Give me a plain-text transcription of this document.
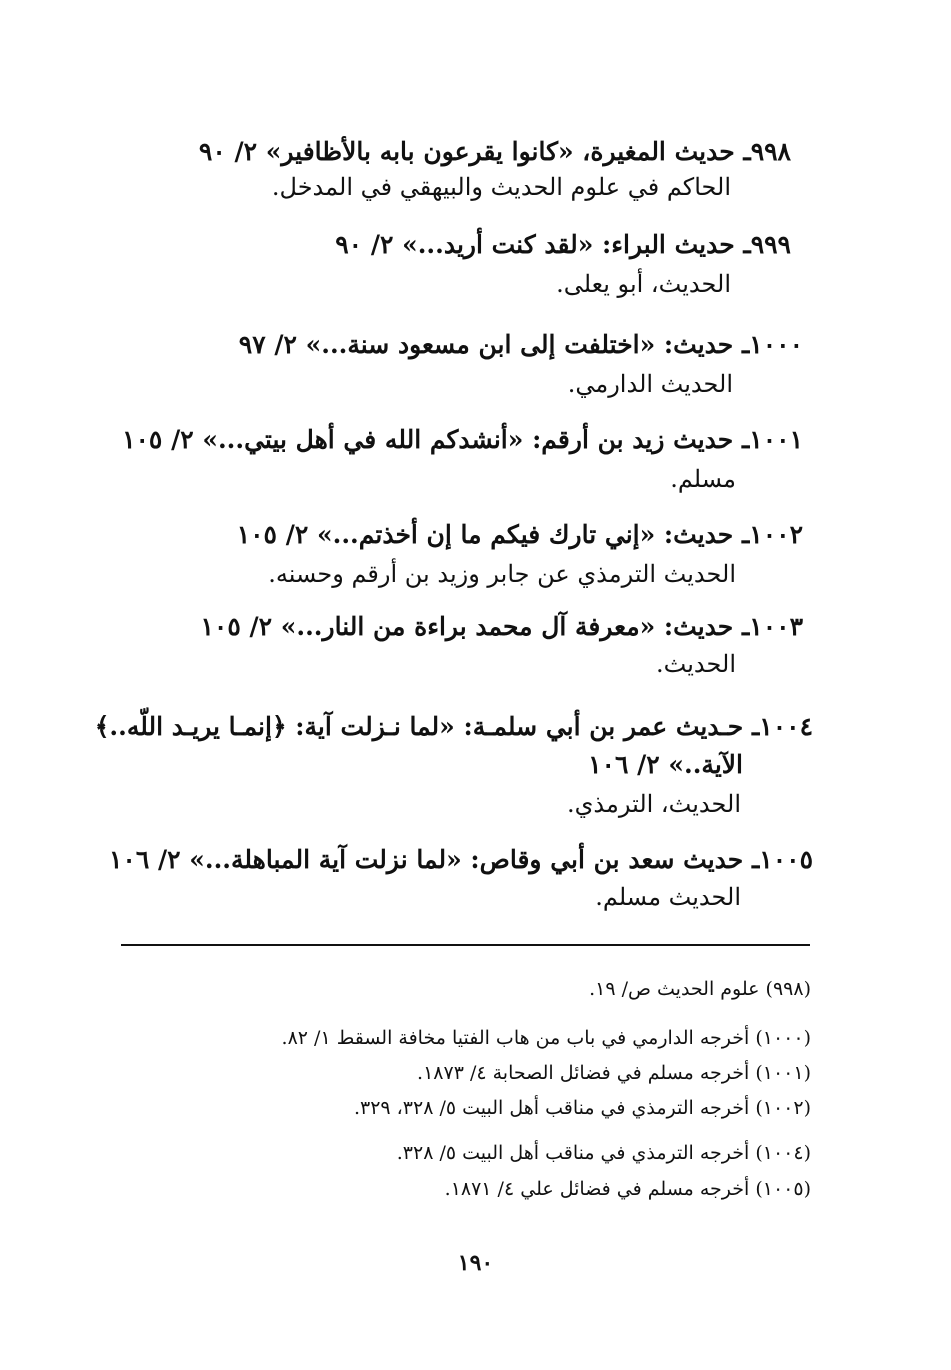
٩٩٨ـ حديث المغيرة، «كانوا يقرعون بابه بالأظافير» ٢/ ٩٠
الحاكم في علوم الحديث والبيهقي في المدخل.
٩٩٩ـ حديث البراء: «لقد كنت أريد...» ٢/ ٩٠
الحديث، أبو يعلى.
١٠٠٠ـ حديث: «اختلفت إلى ابن مسعود سنة...» ٢/ ٩٧
الحديث الدارمي.
١٠٠١ـ حديث زيد بن أرقم: «أنشدكم الله في أهل بيتي...» ٢/ ١٠٥
مسلم.
١٠٠٢ـ حديث: «إني تارك فيكم ما إن أخذتم...» ٢/ ١٠٥
الحديث الترمذي عن جابر وزيد بن أرقم وحسنه.
١٠٠٣ـ حديث: «معرفة آل محمد براءة من النار...» ٢/ ١٠٥
الحديث.
١٠٠٤ـ حـديث عمر بن أبي سلمـة: «لما نـزلت آية: ﴿إنمـا يريـد اللّه..﴾
الآية..» ٢/ ١٠٦
الحديث، الترمذي.
١٠٠٥ـ حديث سعد بن أبي وقاص: «لما نزلت آية المباهلة...» ٢/ ١٠٦
الحديث مسلم.
(٩٩٨) علوم الحديث ص/ ١٩.
(١٠٠٠) أخرجه الدارمي في باب من هاب الفتيا مخافة السقط ١/ ٨٢.
(١٠٠١) أخرجه مسلم في فضائل الصحابة ٤/ ١٨٧٣.
(١٠٠٢) أخرجه الترمذي في مناقب أهل البيت ٥/ ٣٢٨، ٣٢٩.
(١٠٠٤) أخرجه الترمذي في مناقب أهل البيت ٥/ ٣٢٨.
(١٠٠٥) أخرجه مسلم في فضائل علي ٤/ ١٨٧١.
١٩٠
